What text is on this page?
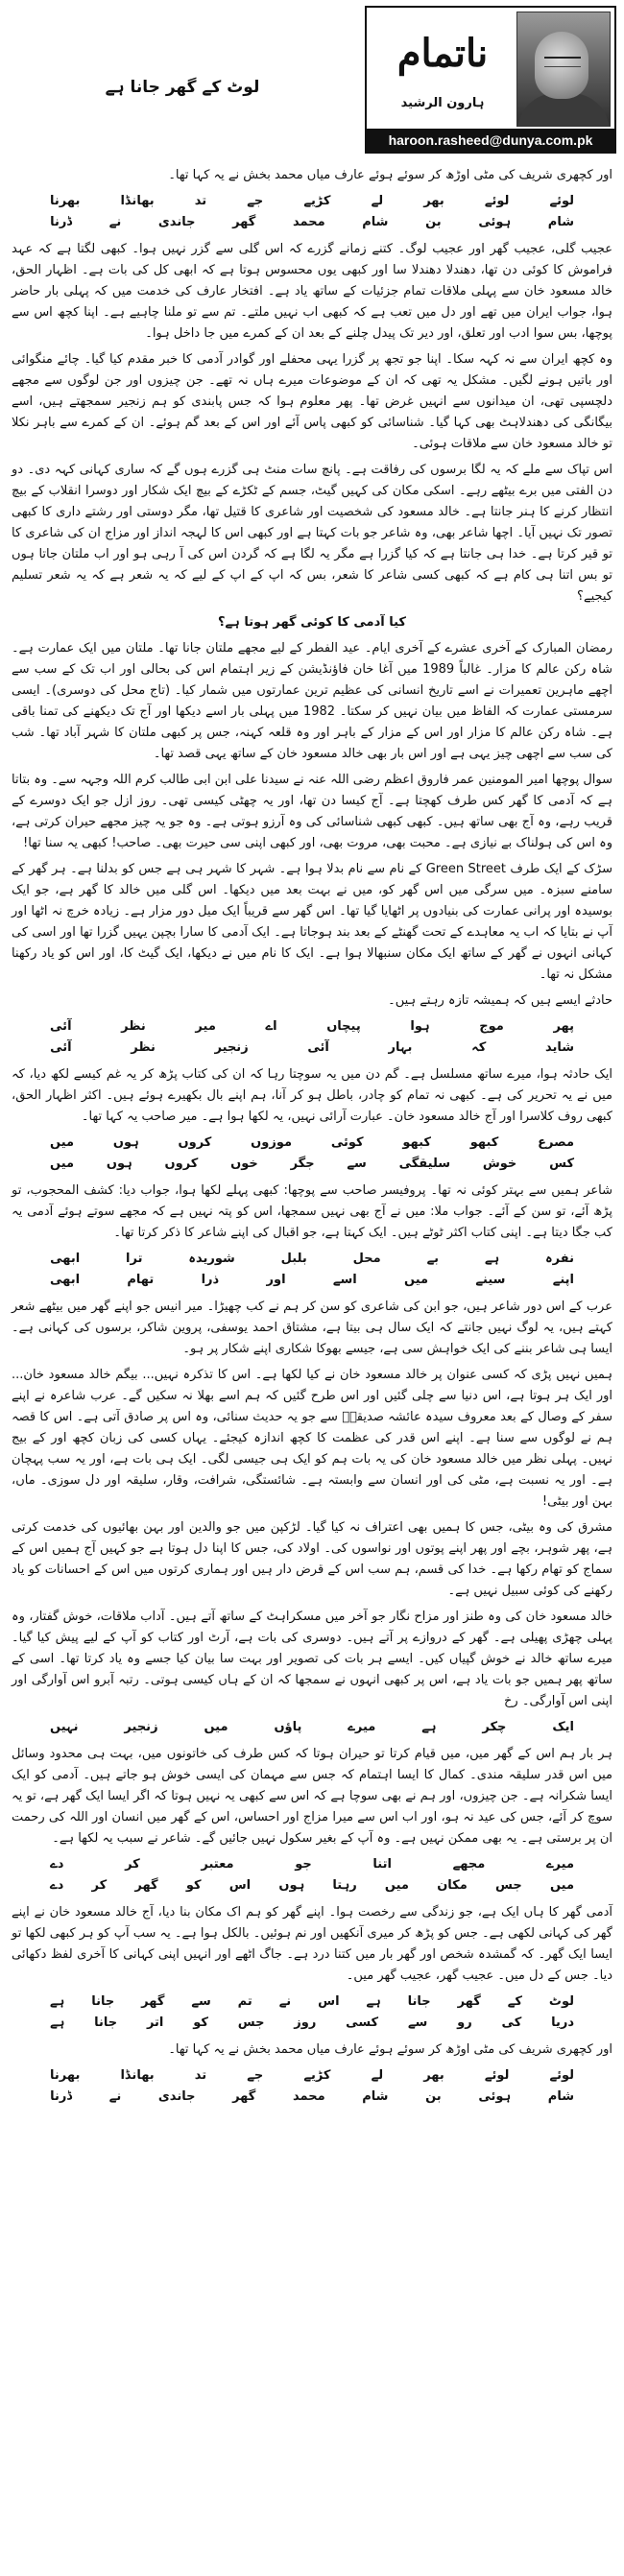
ناتمام
ہارون الرشید
haroon.rasheed@dunya.com.pk
لوٹ کے گھر جانا ہے

اور کچھری شریف کی مٹی اوڑھ کر سوئے ہوئے عارف میاں محمد بخش نے یہ کہا تھا۔

لوئے
لوئے
بھر
لے
کڑیے
جے
تد
بھانڈا
بھرنا
شام
ہوئی
بن
شام
محمد
گھر
جاندی
نے
ڈرنا

عجیب گلی، عجیب گھر اور عجیب لوگ۔ کتنے زمانے گزرے کہ اس گلی سے گزر نہیں ہوا۔ کبھی لگتا ہے کہ عہد فراموش کا کوئی دن تھا، دھندلا دھندلا سا اور کبھی یوں محسوس ہوتا ہے کہ ابھی کل کی بات ہے۔ اظہار الحق، خالد مسعود خان سے پہلی ملاقات تمام جزئیات کے ساتھ یاد ہے۔ افتخار عارف کی خدمت میں کہ پہلی بار حاضر ہوا، جواب ایران میں تھے اور دل میں تعب ہے کہ کبھی اب نہیں ملتے۔ تم سے تو ملنا چاہیے ہے۔ اپنا کچھ اس سے پوچھا، بس سوا ادب اور تعلق، اور دیر تک پیدل چلنے کے بعد ان کے کمرے میں جا داخل ہوا۔

وہ کچھ ایران سے نہ کہہ سکا۔ اپنا جو تجھ پر گزرا یہی محفلے اور گوادر آدمی کا خبر مقدم کیا گیا۔ چائے منگوائی اور باتیں ہونے لگیں۔ مشکل یہ تھی کہ ان کے موضوعات میرے ہاں نہ تھے۔ جن چیزوں اور جن لوگوں سے مجھے دلچسپی تھی، ان میدانوں سے انہیں غرض تھا۔ پھر معلوم ہوا کہ جس پابندی کو ہم زنجیر سمجھتے ہیں، اسے بیگانگی کی دھندلاہٹ بھی کہا گیا۔ شناسائی کو کبھی پاس آئے اور اس کے بعد گم ہوئے۔ ان کے کمرے سے باہر نکلا تو خالد مسعود خان سے ملاقات ہوئی۔

اس تپاک سے ملے کہ یہ لگا برسوں کی رفاقت ہے۔ پانچ سات منٹ ہی گزرے ہوں گے کہ ساری کہانی کہہ دی۔ دو دن الفتی میں برے بیٹھے رہے۔ اسکی مکان کی کہیں گیٹ، جسم کے ٹکڑے کے بیچ ایک شکار اور دوسرا انقلاب کے بیچ انتظار کرنے کا ہنر جانتا ہے۔ خالد مسعود کی شخصیت اور شاعری کا قتیل تھا، مگر دوستی اور رشتے داری کا کبھی تصور تک نہیں آیا۔ اچھا شاعر بھی، وہ شاعر جو بات کہتا ہے اور کبھی اس کا لہجہ انداز اور مزاج ان کی شاعری کا تو قیر کرتا ہے۔ خدا ہی جانتا ہے کہ کیا گزرا ہے مگر یہ لگا ہے کہ گردن اس کی آ رہی ہو اور اب ملتان جاتا ہوں تو بس اتنا ہی کام ہے کہ کبھی کسی شاعر کا شعر، بس کہ اپ کے اپ کے لیے کہ یہ شعر ہے کہ یہ شعر تسلیم کیجیے؟

کیا آدمی کا کوئی گھر ہوتا ہے؟

رمضان المبارک کے آخری عشرے کے آخری ایام۔ عید الفطر کے لیے مجھے ملتان جانا تھا۔ ملتان میں ایک عمارت ہے۔ شاہ رکن عالم کا مزار۔ غالباً 1989 میں آغا خان فاؤنڈیشن کے زیر اہتمام اس کی بحالی اور اب تک کے سب سے اچھے ماہرین تعمیرات نے اسے تاریخ انسانی کی عظیم ترین عمارتوں میں شمار کیا۔ (تاج محل کی دوسری)۔ ایسی سرمستی عمارت کہ الفاظ میں بیان نہیں کر سکتا۔ 1982 میں پہلی بار اسے دیکھا اور آج تک دیکھنے کی تمنا باقی ہے۔ شاہ رکن عالم کا مزار اور اس کے مزار کے باہر اور وہ قلعہ کہنہ، جس پر کبھی ملتان کا شہر آباد تھا۔ شب کی سب سے اچھی چیز یہی ہے اور اس بار بھی خالد مسعود خان کے ساتھ یہی قصد تھا۔

سوال پوچھا امیر المومنین عمر فاروق اعظم رضی اللہ عنہ نے سیدنا علی ابن ابی طالب کرم اللہ وجہہ سے۔ وہ بتاتا ہے کہ آدمی کا گھر کس طرف کھچتا ہے۔ آج کیسا دن تھا، اور یہ چھٹی کیسی تھی۔ روز ازل جو ایک دوسرے کے قریب رہے، وہ آج بھی ساتھ ہیں۔ کبھی کبھی شناسائی کی وہ آرزو ہوتی ہے۔ وہ جو یہ چیز مجھے حیران کرتی ہے، وہ اس کی ہولناک بے نیازی ہے۔ محبت بھی، مروت بھی، اور کبھی اپنی سی حیرت بھی۔ صاحب! کبھی یہ سنا تھا!

سڑک کے ایک طرف Green Street کے نام سے نام بدلا ہوا ہے۔ شہر کا شہر ہی ہے جس کو بدلنا ہے۔ ہر گھر کے سامنے سبزہ۔ میں سرگی میں اس گھر کو، میں نے بہت بعد میں دیکھا۔ اس گلی میں خالد کا گھر ہے، جو ایک بوسیدہ اور پرانی عمارت کی بنیادوں پر اٹھایا گیا تھا۔ اس گھر سے قریباً ایک میل دور مزار ہے۔ زیادہ خرچ نہ اٹھا اور آپ نے بتایا کہ اب یہ معاہدے کے تحت گھنٹے کے بعد بند ہوجاتا ہے۔ ایک آدمی کا سارا بچپن یہیں گزرا تھا اور اسی کی کہانی انہوں نے گھر کے ساتھ ایک مکان سنبھالا ہوا ہے۔ ایک کا نام میں نے دیکھا، ایک گیٹ کا، اور اس کو یاد رکھنا مشکل نہ تھا۔

حادثے ایسے ہیں کہ ہمیشہ تازہ رہتے ہیں۔

پھر
موج
ہوا
پیچاں
اے
میر
نظر
آئی
شاید
کہ
بہار
آئی
زنجیر
نظر
آئی

ایک حادثہ ہوا، میرے ساتھ مسلسل ہے۔ گم دن میں یہ سوچتا رہا کہ ان کی کتاب پڑھ کر یہ غم کیسے لکھ دیا، کہ میں نے یہ تحریر کی ہے۔ کبھی نہ تمام کو چادر، باطل ہو کر آنا، ہم اپنے بال بکھیرے ہوئے ہیں۔ اکثر اظہار الحق، کبھی روف کلاسرا اور آج خالد مسعود خان۔ عبارت آرائی نہیں، یہ لکھا ہوا ہے۔ میر صاحب یہ کہا تھا۔

مصرع
کبھو
کبھو
کوئی
موزوں
کروں
ہوں
میں
کس
خوش
سلیقگی
سے
جگر
خوں
کروں
ہوں
میں

شاعر ہمیں سے بہتر کوئی نہ تھا۔ پروفیسر صاحب سے پوچھا: کبھی پہلے لکھا ہوا، جواب دیا: کشف المحجوب، تو پڑھ آئے، تو سن کے آئے۔ جواب ملا: میں نے آج بھی نہیں سمجھا، اس کو پتہ نہیں ہے کہ مجھے سوتے ہوئے آدمی یہ کب جگا دیتا ہے۔ اپنی کتاب اکثر ٹوٹے ہیں۔ ایک کہتا ہے، جو اقبال کی اپنے شاعر کا ذکر کرتا تھا۔

نفرہ
ہے
بے
محل
بلبل
شوریدہ
ترا
ابھی
اپنے
سینے
میں
اسے
اور
ذرا
تھام
ابھی

عرب کے اس دور شاعر ہیں، جو ابن کی شاعری کو سن کر ہم نے کب چھیڑا۔ میر انیس جو اپنے گھر میں بیٹھے شعر کہتے ہیں، یہ لوگ نہیں جانتے کہ ایک سال ہی بیتا ہے، مشتاق احمد یوسفی، پروین شاکر، برسوں کی کہانی ہے۔ ایسا ہی شاعر بننے کی ایک خواہش سی ہے، جیسے بھوکا شکاری اپنے شکار پر ہو۔

ہمیں نہیں پڑی کہ کسی عنوان پر خالد مسعود خان نے کیا لکھا ہے۔ اس کا تذکرہ نہیں... بیگم خالد مسعود خان... اور ایک ہر ہوتا ہے، اس دنیا سے چلی گئیں اور اس طرح گئیں کہ ہم اسے بھلا نہ سکیں گے۔ عرب شاعرہ نے اپنے سفر کے وصال کے بعد معروف سیدہ عائشہ صدیقہؓ سے جو یہ حدیث سنائی، وہ اس پر صادق آتی ہے۔ اس کا قصہ ہم نے لوگوں سے سنا ہے۔ اپنے اس قدر کی عظمت کا کچھ اندازہ کیجئے۔ یہاں کسی کی زبان کچھ اور کے بیج نہیں۔ پہلی نظر میں خالد مسعود خان کی یہ بات ہم کو ایک ہی جیسی لگی۔ ایک ہی بات ہے، اور یہ سب پہچان ہے۔ اور یہ نسبت ہے، مٹی کی اور انسان سے وابستہ ہے۔ شائستگی، شرافت، وقار، سلیقہ اور دل سوزی۔ ماں، بہن اور بیٹی!

مشرق کی وہ بیٹی، جس کا ہمیں بھی اعتراف نہ کیا گیا۔ لڑکپن میں جو والدین اور بہن بھائیوں کی خدمت کرتی ہے، پھر شوہر، بچے اور پھر اپنے پوتوں اور نواسوں کی۔ اولاد کی، جس کا اپنا دل ہوتا ہے جو کہیں آج ہمیں اس کے سماج کو تھام رکھا ہے۔ خدا کی قسم، ہم سب اس کے قرض دار ہیں اور ہماری کرتوں میں اس کے احسانات کو یاد رکھنے کی کوئی سبیل نہیں ہے۔

خالد مسعود خان کی وہ طنز اور مزاح نگار جو آخر میں مسکراہٹ کے ساتھ آتے ہیں۔ آداب ملاقات، خوش گفتار، وہ پہلی چھڑی پھیلی ہے۔ گھر کے دروازے پر آتے ہیں۔ دوسری کی بات ہے، آرٹ اور کتاب کو آپ کے لیے پیش کیا گیا۔ میرے ساتھ خالد نے خوش گپیاں کیں۔ ایسے ہر بات کی تصویر اور بہت سا بیان کیا جسے وہ یاد کرتا تھا۔ اسی کے ساتھ پھر ہمیں جو بات یاد ہے، اس پر کبھی انہوں نے سمجھا کہ ان کے ہاں کیسی ہوتی۔ رتبہ آبرو اس آوارگی اور اپنی اس آوارگی۔ رخ

ایک
چکر
ہے
میرے
پاؤں
میں
زنجیر
نہیں

ہر بار ہم اس کے گھر میں، میں قیام کرتا تو حیران ہوتا کہ کس طرف کی خاتونوں میں، بہت ہی محدود وسائل میں اس قدر سلیقہ مندی۔ کمال کا ایسا اہتمام کہ جس سے مہمان کی ایسی خوش ہو جاتے ہیں۔ آدمی کو ایک ایسا شکرانہ ہے۔ جن چیزوں، اور ہم نے بھی سوچا ہے کہ اس سے کبھی یہ نہیں ہوتا کہ اگر ایسا ایک گھر ہے، تو یہ سوچ کر آئے، جس کی عید نہ ہو، اور اب اس سے میرا مزاج اور احساس، اس کے گھر میں انسان اور اللہ کی رحمت ان پر برستی ہے۔ یہ بھی ممکن نہیں ہے۔ وہ آپ کے بغیر سکول نہیں جائیں گے۔ شاعر نے سبب یہ لکھا ہے۔

میرے
مجھے
اتنا
جو
معتبر
کر
دے
میں
جس
مکان
میں
رہتا
ہوں
اس
کو
گھر
کر
دے

آدمی گھر کا ہاں ایک ہے، جو زندگی سے رخصت ہوا۔ اپنے گھر کو ہم اک مکان بنا دیا، آج خالد مسعود خان نے اپنے گھر کی کہانی لکھی ہے۔ جس کو پڑھ کر میری آنکھیں اور نم ہوئیں۔ بالکل ہوا ہے۔ یہ سب آپ کو ہر کبھی لکھا تو ایسا ایک گھر۔ کہ گمشدہ شخص اور گھر بار میں کتنا درد ہے۔ جاگ اٹھے اور انہیں اپنی کہانی کا آخری لفظ دکھائی دیا۔ جس کے دل میں۔ عجیب گھر، عجیب گھر میں۔

لوٹ
کے
گھر
جانا
ہے
اس
نے
تم
سے
گھر
جانا
ہے
دریا
کی
رو
سے
کسی
روز
جس
کو
اتر
جانا
ہے

اور کچھری شریف کی مٹی اوڑھ کر سوئے ہوئے عارف میاں محمد بخش نے یہ کہا تھا۔

لوئے
لوئے
بھر
لے
کڑیے
جے
تد
بھانڈا
بھرنا
شام
ہوئی
بن
شام
محمد
گھر
جاندی
نے
ڈرنا
